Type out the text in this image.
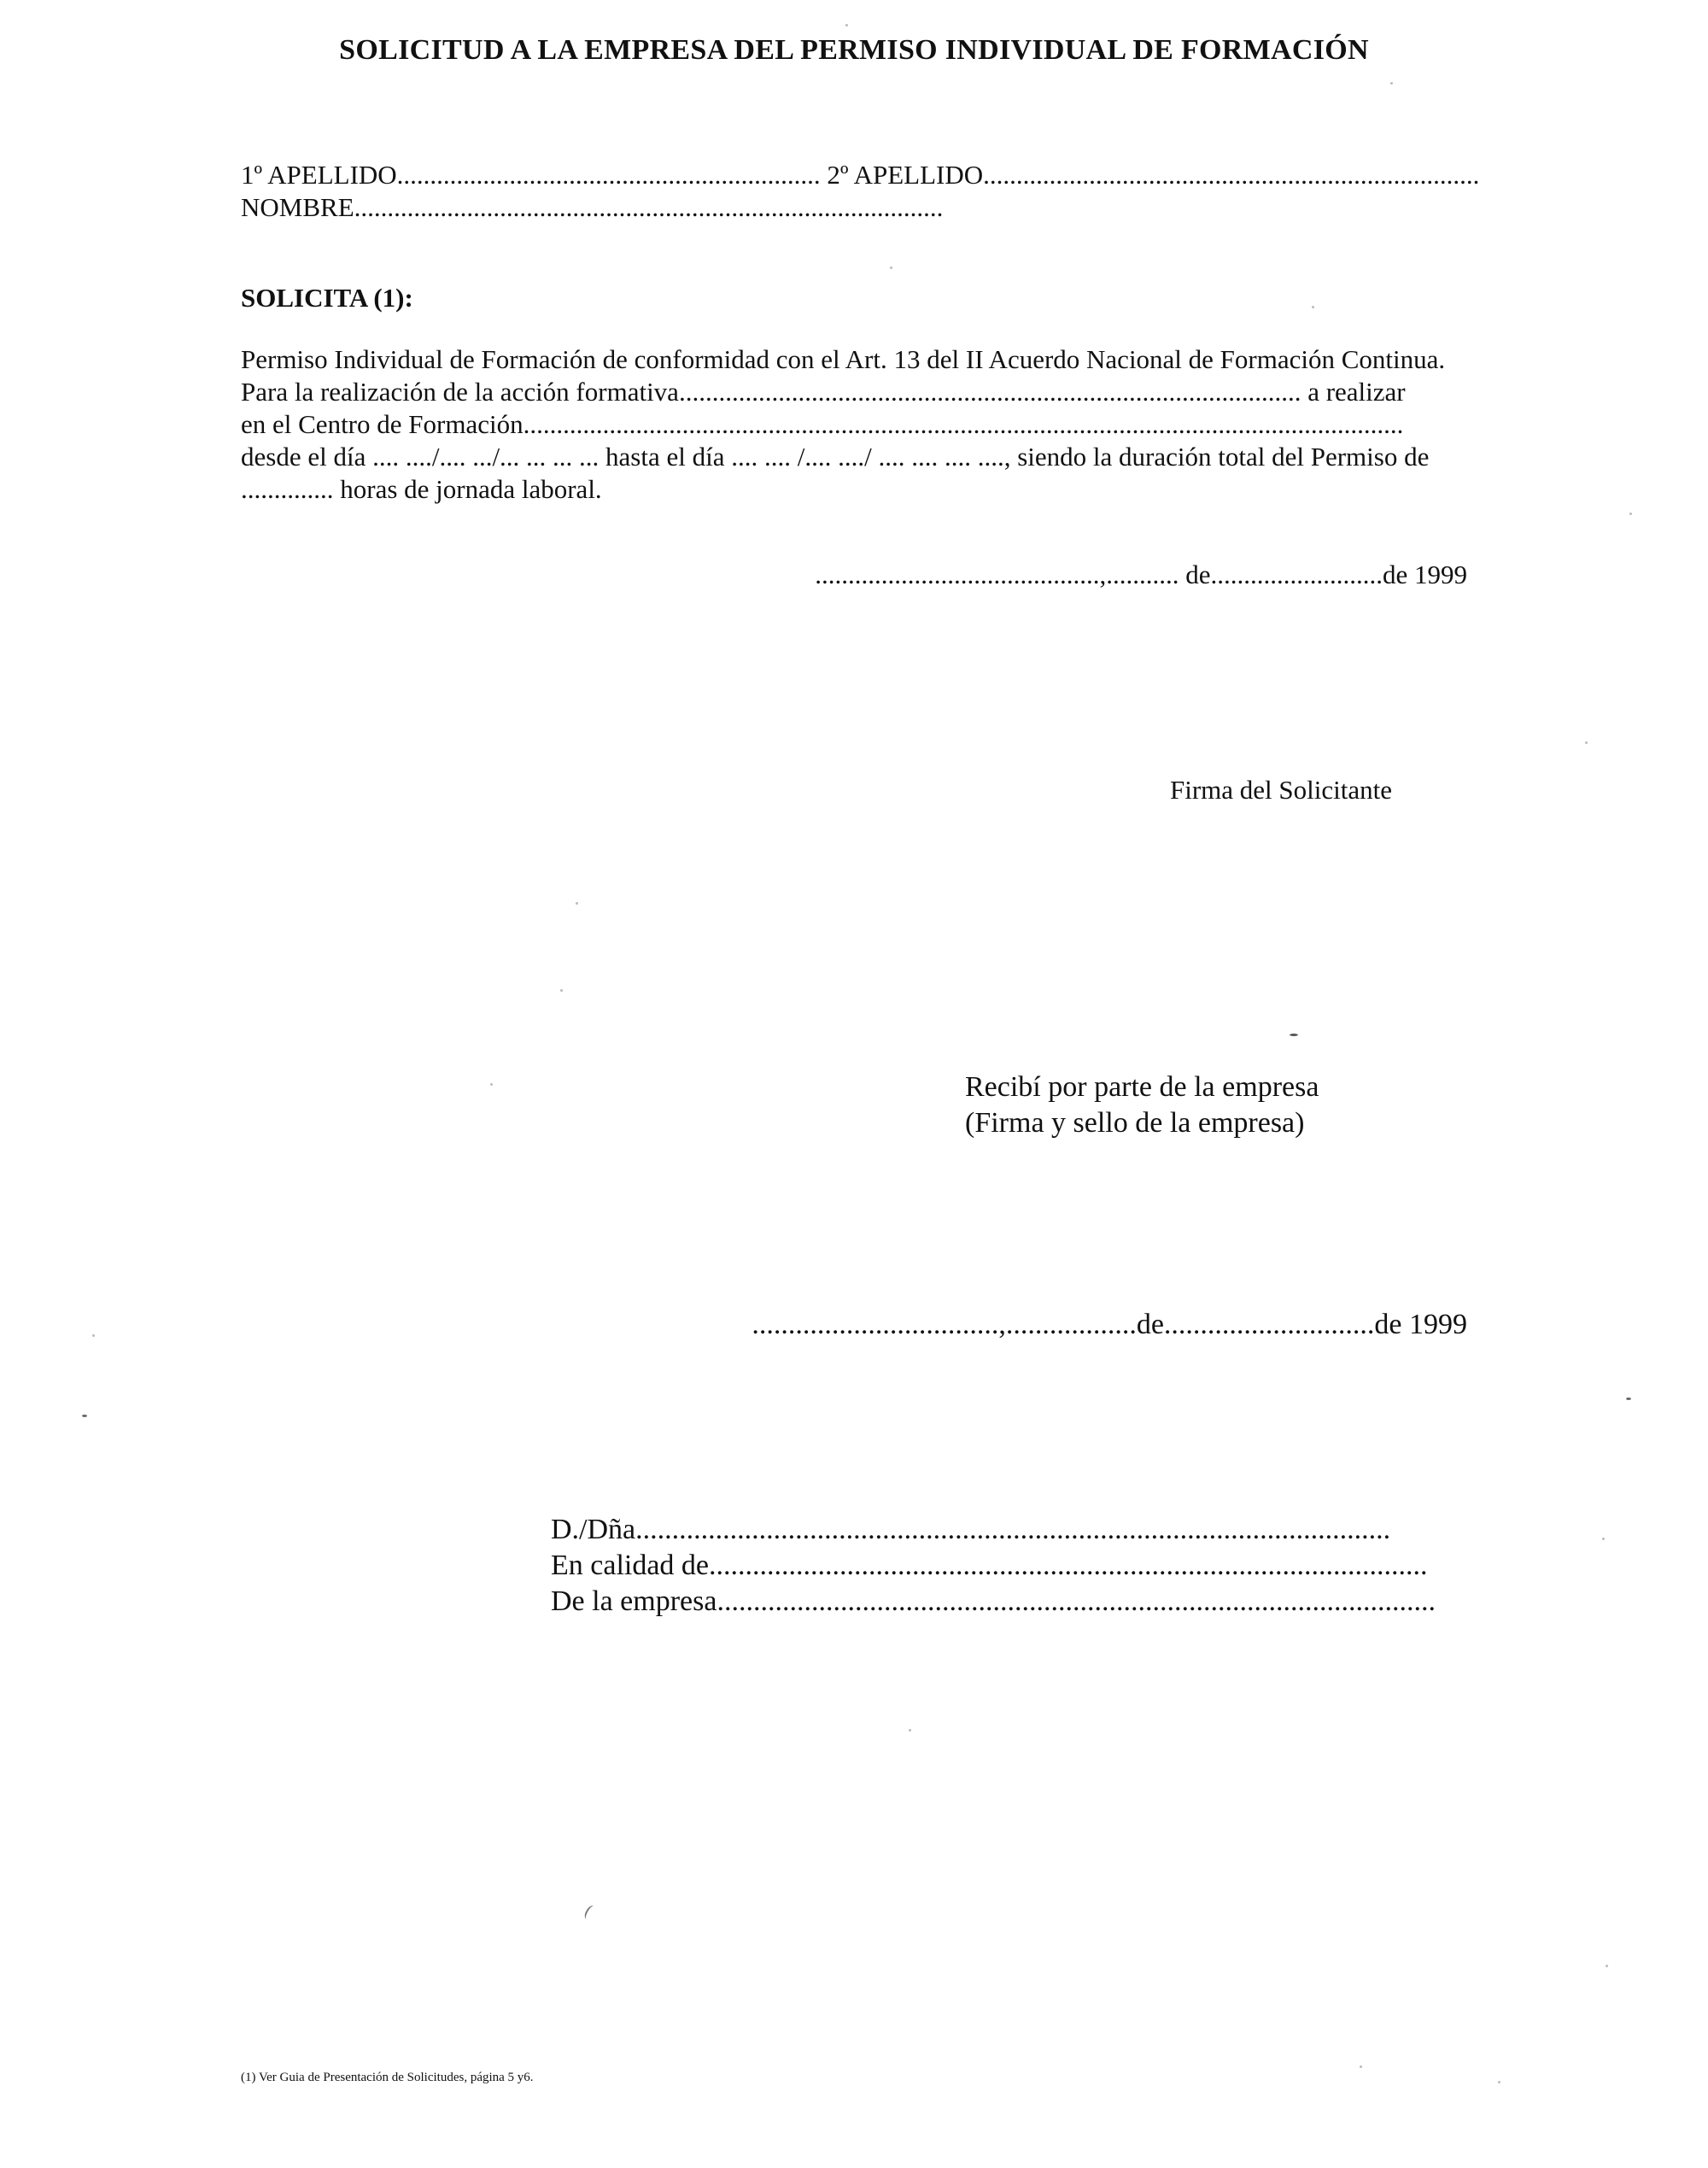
SOLICITUD A LA EMPRESA DEL PERMISO INDIVIDUAL DE FORMACIÓN
1º APELLIDO................................................................ 2º APELLIDO...........................................................................
NOMBRE.........................................................................................
SOLICITA (1):
Permiso Individual de Formación de conformidad con el Art. 13 del II Acuerdo Nacional de Formación Continua.
Para la realización de la acción formativa.............................................................................................. a realizar
en el Centro de Formación.....................................................................................................................................
desde el día .... ..../.... .../... ... ... ... hasta el día .... .... /.... ..../ .... .... .... ...., siendo la duración total del Permiso de
.............. horas de jornada laboral.
...........................................,........... de..........................de 1999
Firma del Solicitante
Recibí por parte de la empresa
(Firma y sello de la empresa)
..................................,..................de.............................de 1999
D./Dña........................................................................................................
En calidad de...................................................................................................
De la empresa...................................................................................................
(1) Ver Guia de Presentación de Solicitudes, página 5 y6.
